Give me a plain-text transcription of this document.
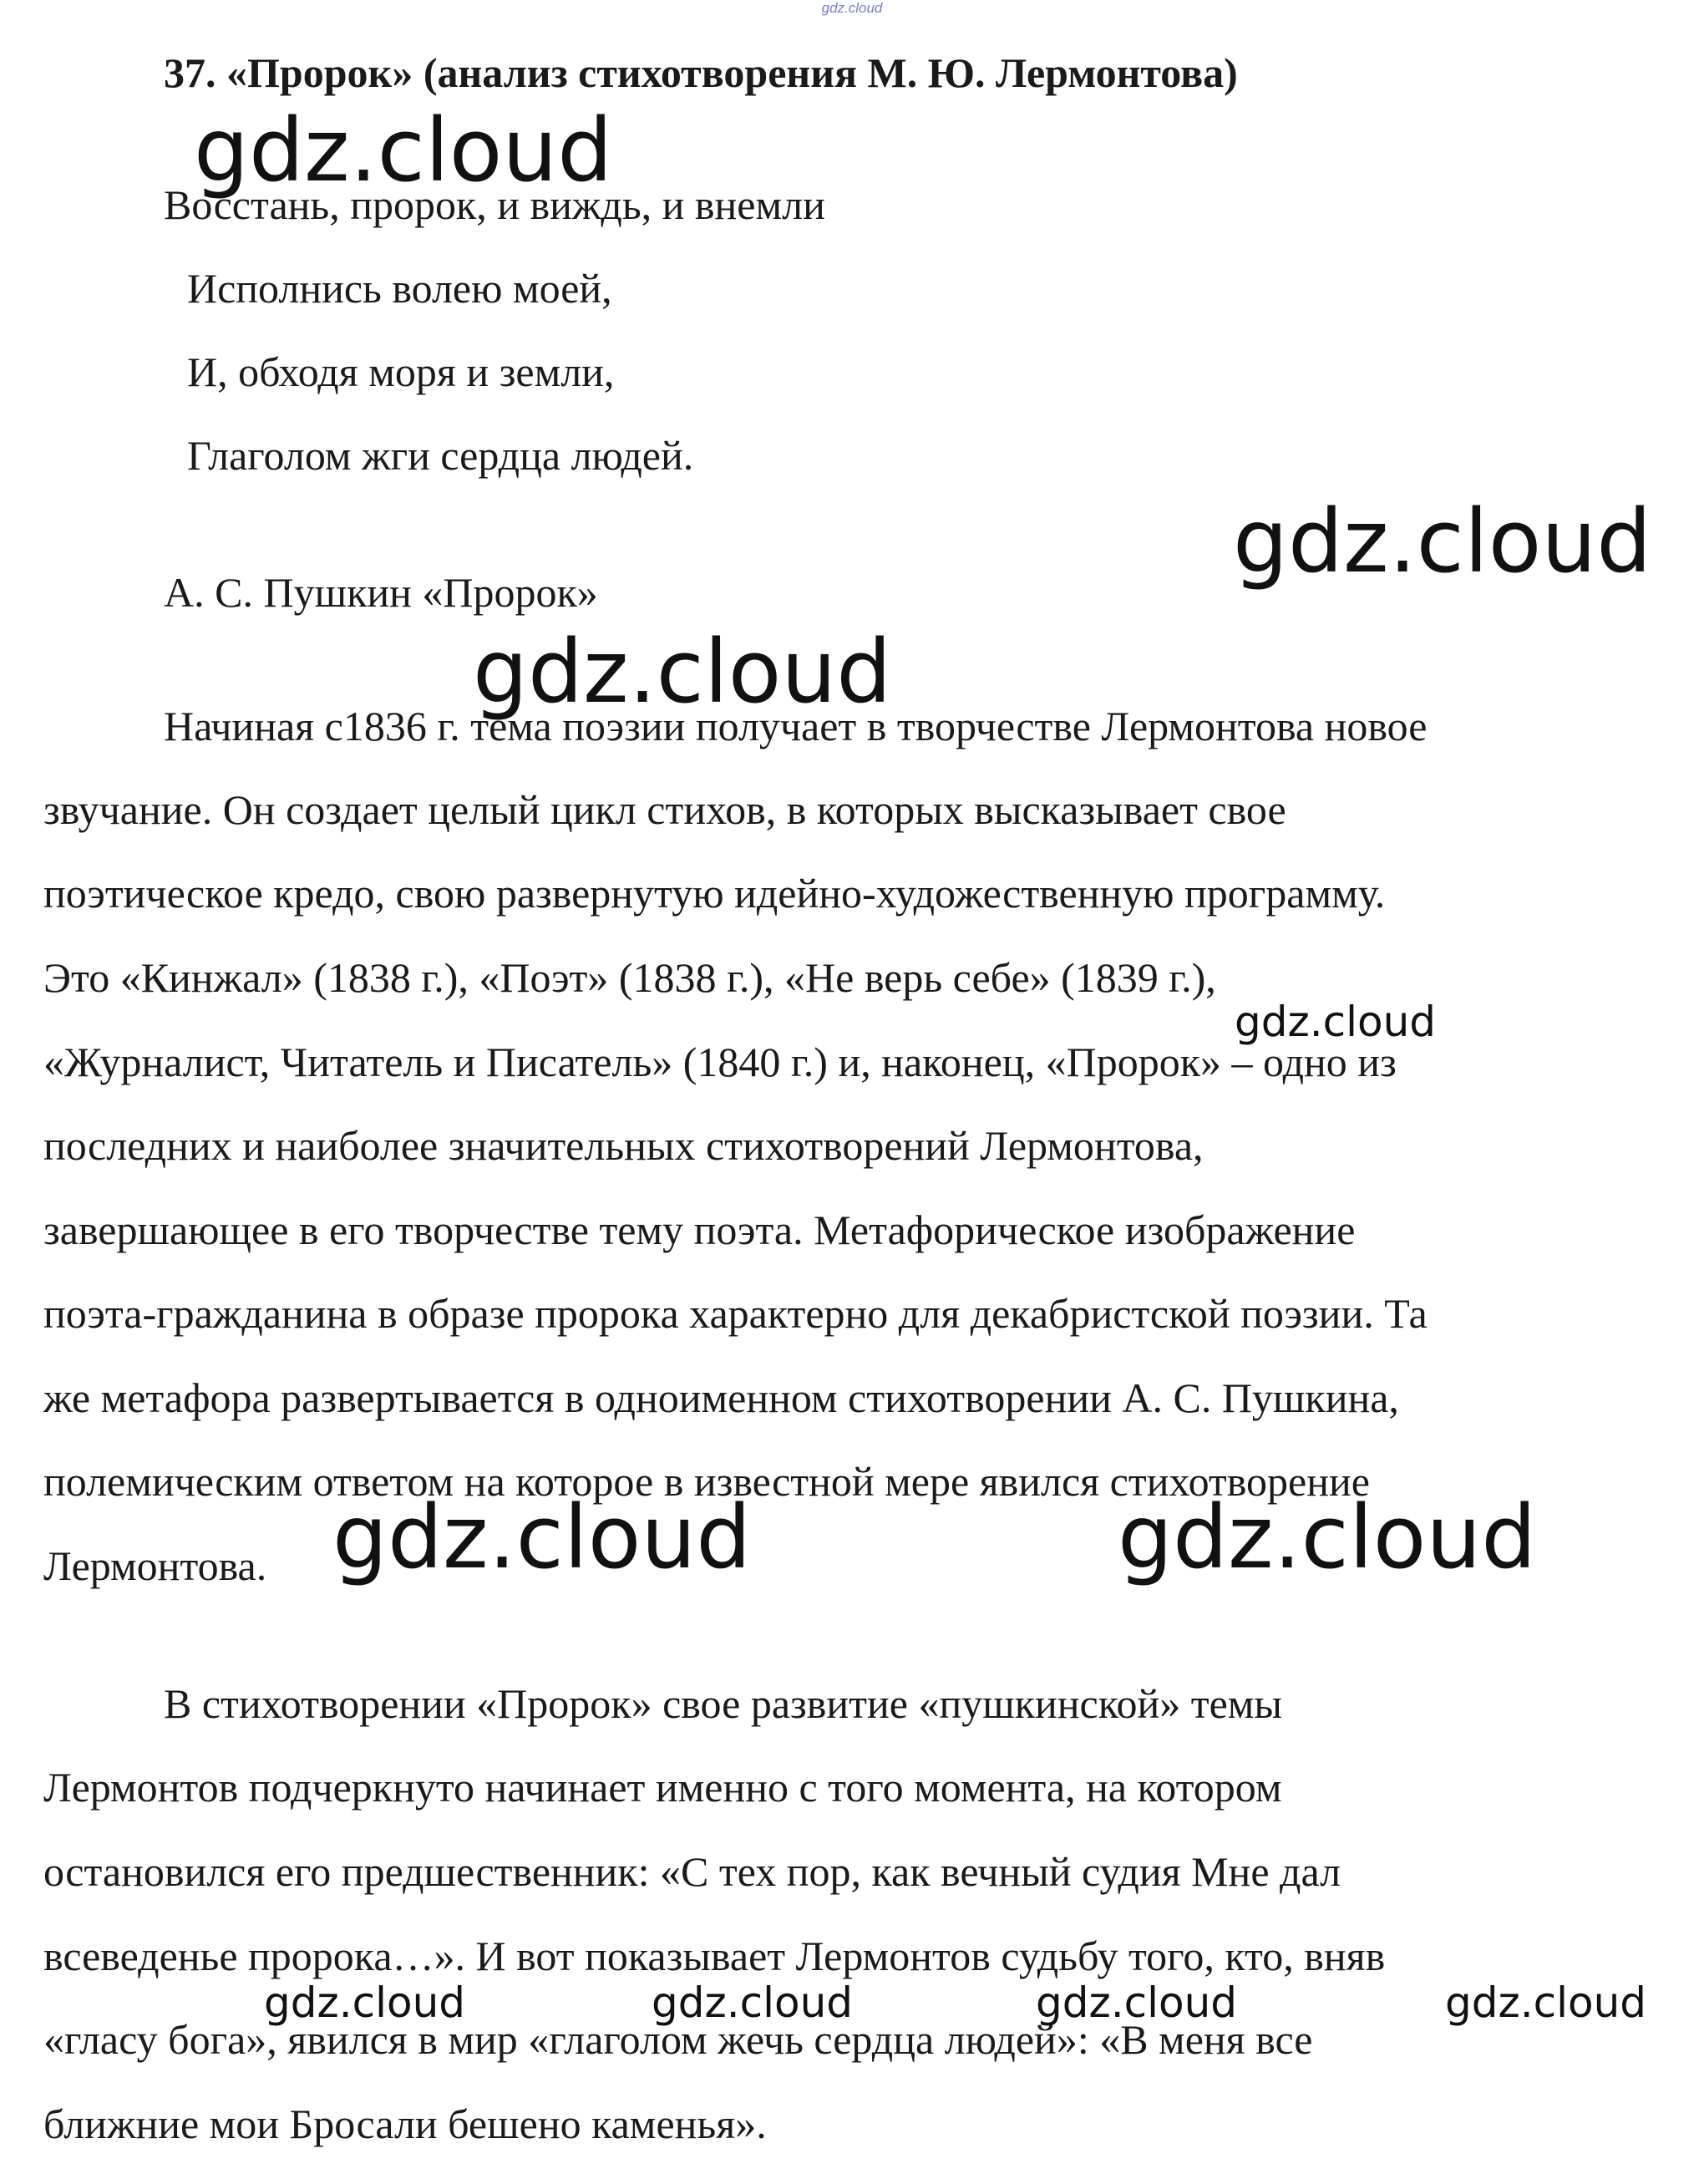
gdz.cloud
37. «Пророк» (анализ стихотворения М. Ю. Лермонтова)
Восстань, пророк, и виждь, и внемли
Исполнись волею моей,
И, обходя моря и земли,
Глаголом жги сердца людей.
А. С. Пушкин «Пророк»
Начиная с1836 г. тема поэзии получает в творчестве Лермонтова новое
звучание. Он создает целый цикл стихов, в которых высказывает свое
поэтическое кредо, свою развернутую идейно-художественную программу.
Это «Кинжал» (1838 г.), «Поэт» (1838 г.), «Не верь себе» (1839 г.),
«Журналист, Читатель и Писатель» (1840 г.) и, наконец, «Пророк» – одно из
последних и наиболее значительных стихотворений Лермонтова,
завершающее в его творчестве тему поэта. Метафорическое изображение
поэта-гражданина в образе пророка характерно для декабристской поэзии. Та
же метафора развертывается в одноименном стихотворении А. С. Пушкина,
полемическим ответом на которое в известной мере явился стихотворение
Лермонтова.
В стихотворении «Пророк» свое развитие «пушкинской» темы
Лермонтов подчеркнуто начинает именно с того момента, на котором
остановился его предшественник: «С тех пор, как вечный судия Мне дал
всеведенье пророка…». И вот показывает Лермонтов судьбу того, кто, вняв
«гласу бога», явился в мир «глаголом жечь сердца людей»: «В меня все
ближние мои Бросали бешено каменья».
gdz.cloud
gdz.cloud
gdz.cloud
gdz.cloud
gdz.cloud	gdz.cloud
gdz.cloud	gdz.cloud	gdz.cloud	gdz.cloud
